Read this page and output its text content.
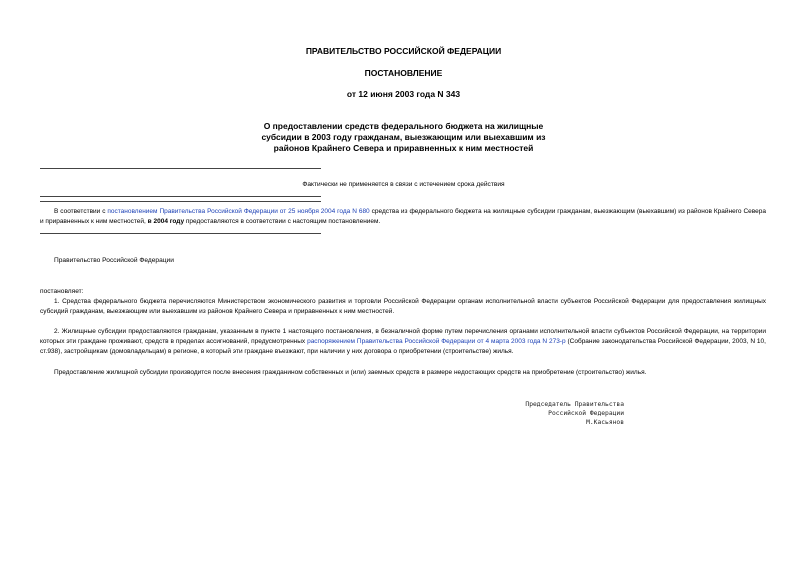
ПРАВИТЕЛЬСТВО РОССИЙСКОЙ ФЕДЕРАЦИИ
ПОСТАНОВЛЕНИЕ
от 12 июня 2003 года N 343
О предоставлении средств федерального бюджета на жилищные
субсидии в 2003 году гражданам, выезжающим или выехавшим из
районов Крайнего Севера и приравненных к ним местностей
Фактически не применяется в связи с истечением срока действия
В соответствии с постановлением Правительства Российской Федерации от 25 ноября 2004 года N 680 средства из федерального бюджета на жилищные субсидии гражданам, выезжающим (выехавшим) из районов Крайнего Севера и приравненных к ним местностей, в 2004 году предоставляются в соответствии с настоящим постановлением.
Правительство Российской Федерации
постановляет:
1. Средства федерального бюджета перечисляются Министерством экономического развития и торговли Российской Федерации органам исполнительной власти субъектов Российской Федерации для предоставления жилищных субсидий гражданам, выезжающим или выехавшим из районов Крайнего Севера и приравненных к ним местностей.
2. Жилищные субсидии предоставляются гражданам, указанным в пункте 1 настоящего постановления, в безналичной форме путем перечисления органами исполнительной власти субъектов Российской Федерации, на территории которых эти граждане проживают, средств в пределах ассигнований, предусмотренных распоряжением Правительства Российской Федерации от 4 марта 2003 года N 273-р (Собрание законодательства Российской Федерации, 2003, N 10, ст.938), застройщикам (домовладельцам) в регионе, в который эти граждане въезжают, при наличии у них договора о приобретении (строительстве) жилья.
Предоставление жилищной субсидии производится после внесения гражданином собственных и (или) заемных средств в размере недостающих средств на приобретение (строительство) жилья.
Председатель Правительства
Российской Федерации
М.Касьянов
